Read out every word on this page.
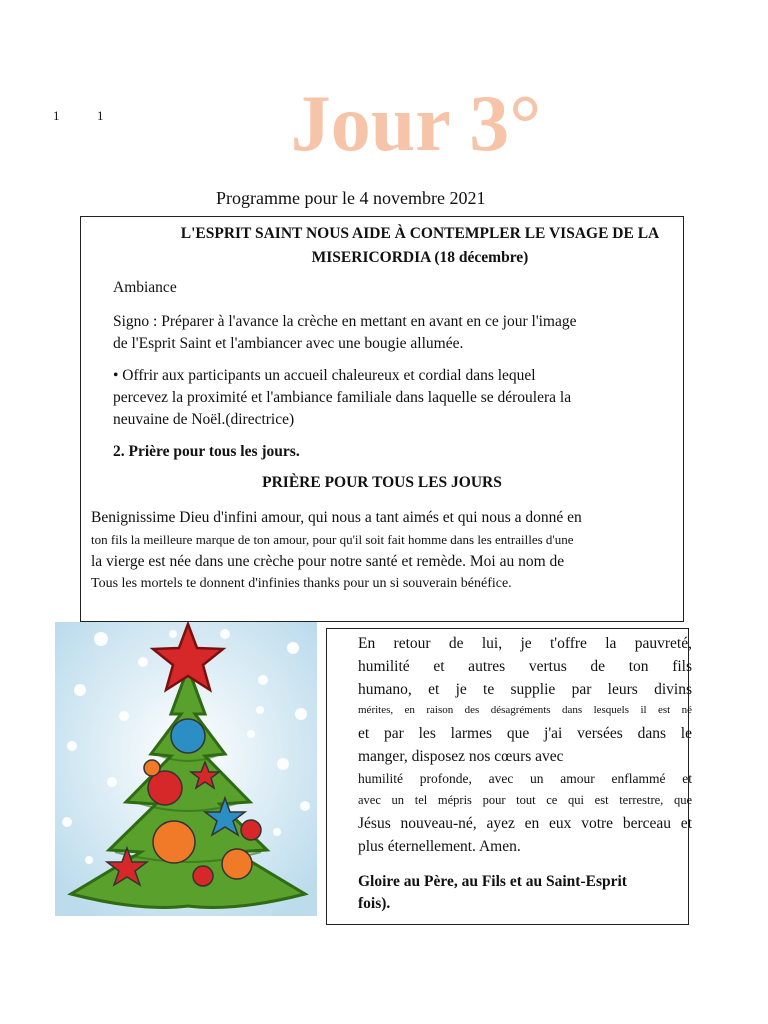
1	1	Jour 3°
Programme pour le 4 novembre 2021
L'ESPRIT SAINT NOUS AIDE À CONTEMPLER LE VISAGE DE LA
MISERICORDIA (18 décembre)
Ambiance
Signo : Préparer à l'avance la crèche en mettant en avant en ce jour l'image
de l'Esprit Saint et l'ambiancer avec une bougie allumée.
• Offrir aux participants un accueil chaleureux et cordial dans lequel
percevez la proximité et l'ambiance familiale dans laquelle se déroulera la
neuvaine de Noël.(directrice)
2. Prière pour tous les jours.
PRIÈRE POUR TOUS LES JOURS
Benignissime Dieu d'infini amour, qui nous a tant aimés et qui nous a donné en
ton fils la meilleure marque de ton amour, pour qu'il soit fait homme dans les entrailles d'une
la vierge est née dans une crèche pour notre santé et remède. Moi au nom de
Tous les mortels te donnent d'infinies thanks pour un si souverain bénéfice.
En retour de lui, je t'offre la pauvreté,
humilité et autres vertus de ton fils
humano, et je te supplie par leurs divins
mérites, en raison des désagréments dans lesquels il est né
et par les larmes que j'ai versées dans le
manger, disposez nos cœurs avec
humilité profonde, avec un amour enflammé et
avec un tel mépris pour tout ce qui est terrestre, que
Jésus nouveau-né, ayez en eux votre berceau et
plus éternellement. Amen.
Gloire au Père, au Fils et au Saint-Esprit
fois).
